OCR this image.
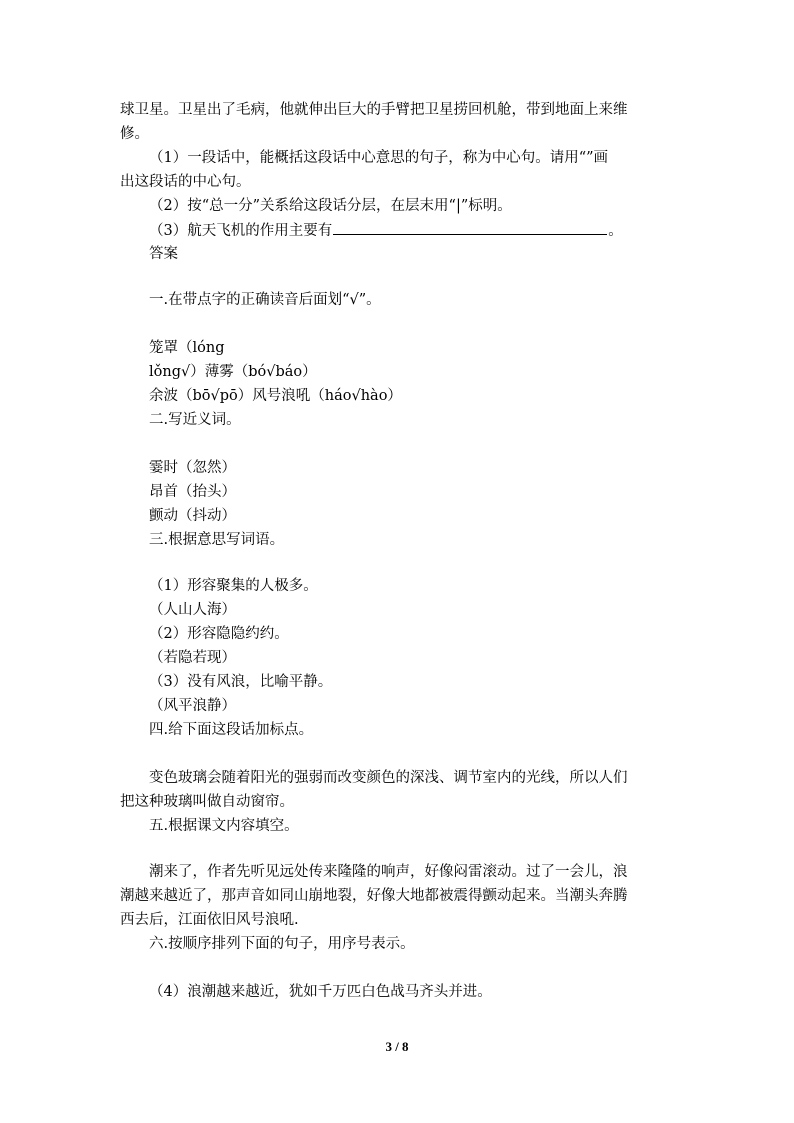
球卫星。卫星出了毛病，他就伸出巨大的手臂把卫星捞回机舱，带到地面上来维
修。
（1）一段话中，能概括这段话中心意思的句子，称为中心句。请用“”画
出这段话的中心句。
（2）按“总一分”关系给这段话分层，在层末用“|”标明。
（3）航天飞机的作用主要有	。
答案
一.在带点字的正确读音后面划“√”。
笼罩（lóng
lǒng√）薄雾（bó√báo）
余波（bō√pō）风号浪吼（háo√hào）
二.写近义词。
霎时（忽然）
昂首（抬头）
颤动（抖动）
三.根据意思写词语。
（1）形容聚集的人极多。
（人山人海）
（2）形容隐隐约约。
（若隐若现）
（3）没有风浪，比喻平静。
（风平浪静）
四.给下面这段话加标点。
变色玻璃会随着阳光的强弱而改变颜色的深浅、调节室内的光线，所以人们
把这种玻璃叫做自动窗帘。
五.根据课文内容填空。
潮来了，作者先听见远处传来隆隆的响声，好像闷雷滚动。过了一会儿，浪
潮越来越近了，那声音如同山崩地裂，好像大地都被震得颤动起来。当潮头奔腾
西去后，江面依旧风号浪吼.
六.按顺序排列下面的句子，用序号表示。
（4）浪潮越来越近，犹如千万匹白色战马齐头并进。
3 / 8
